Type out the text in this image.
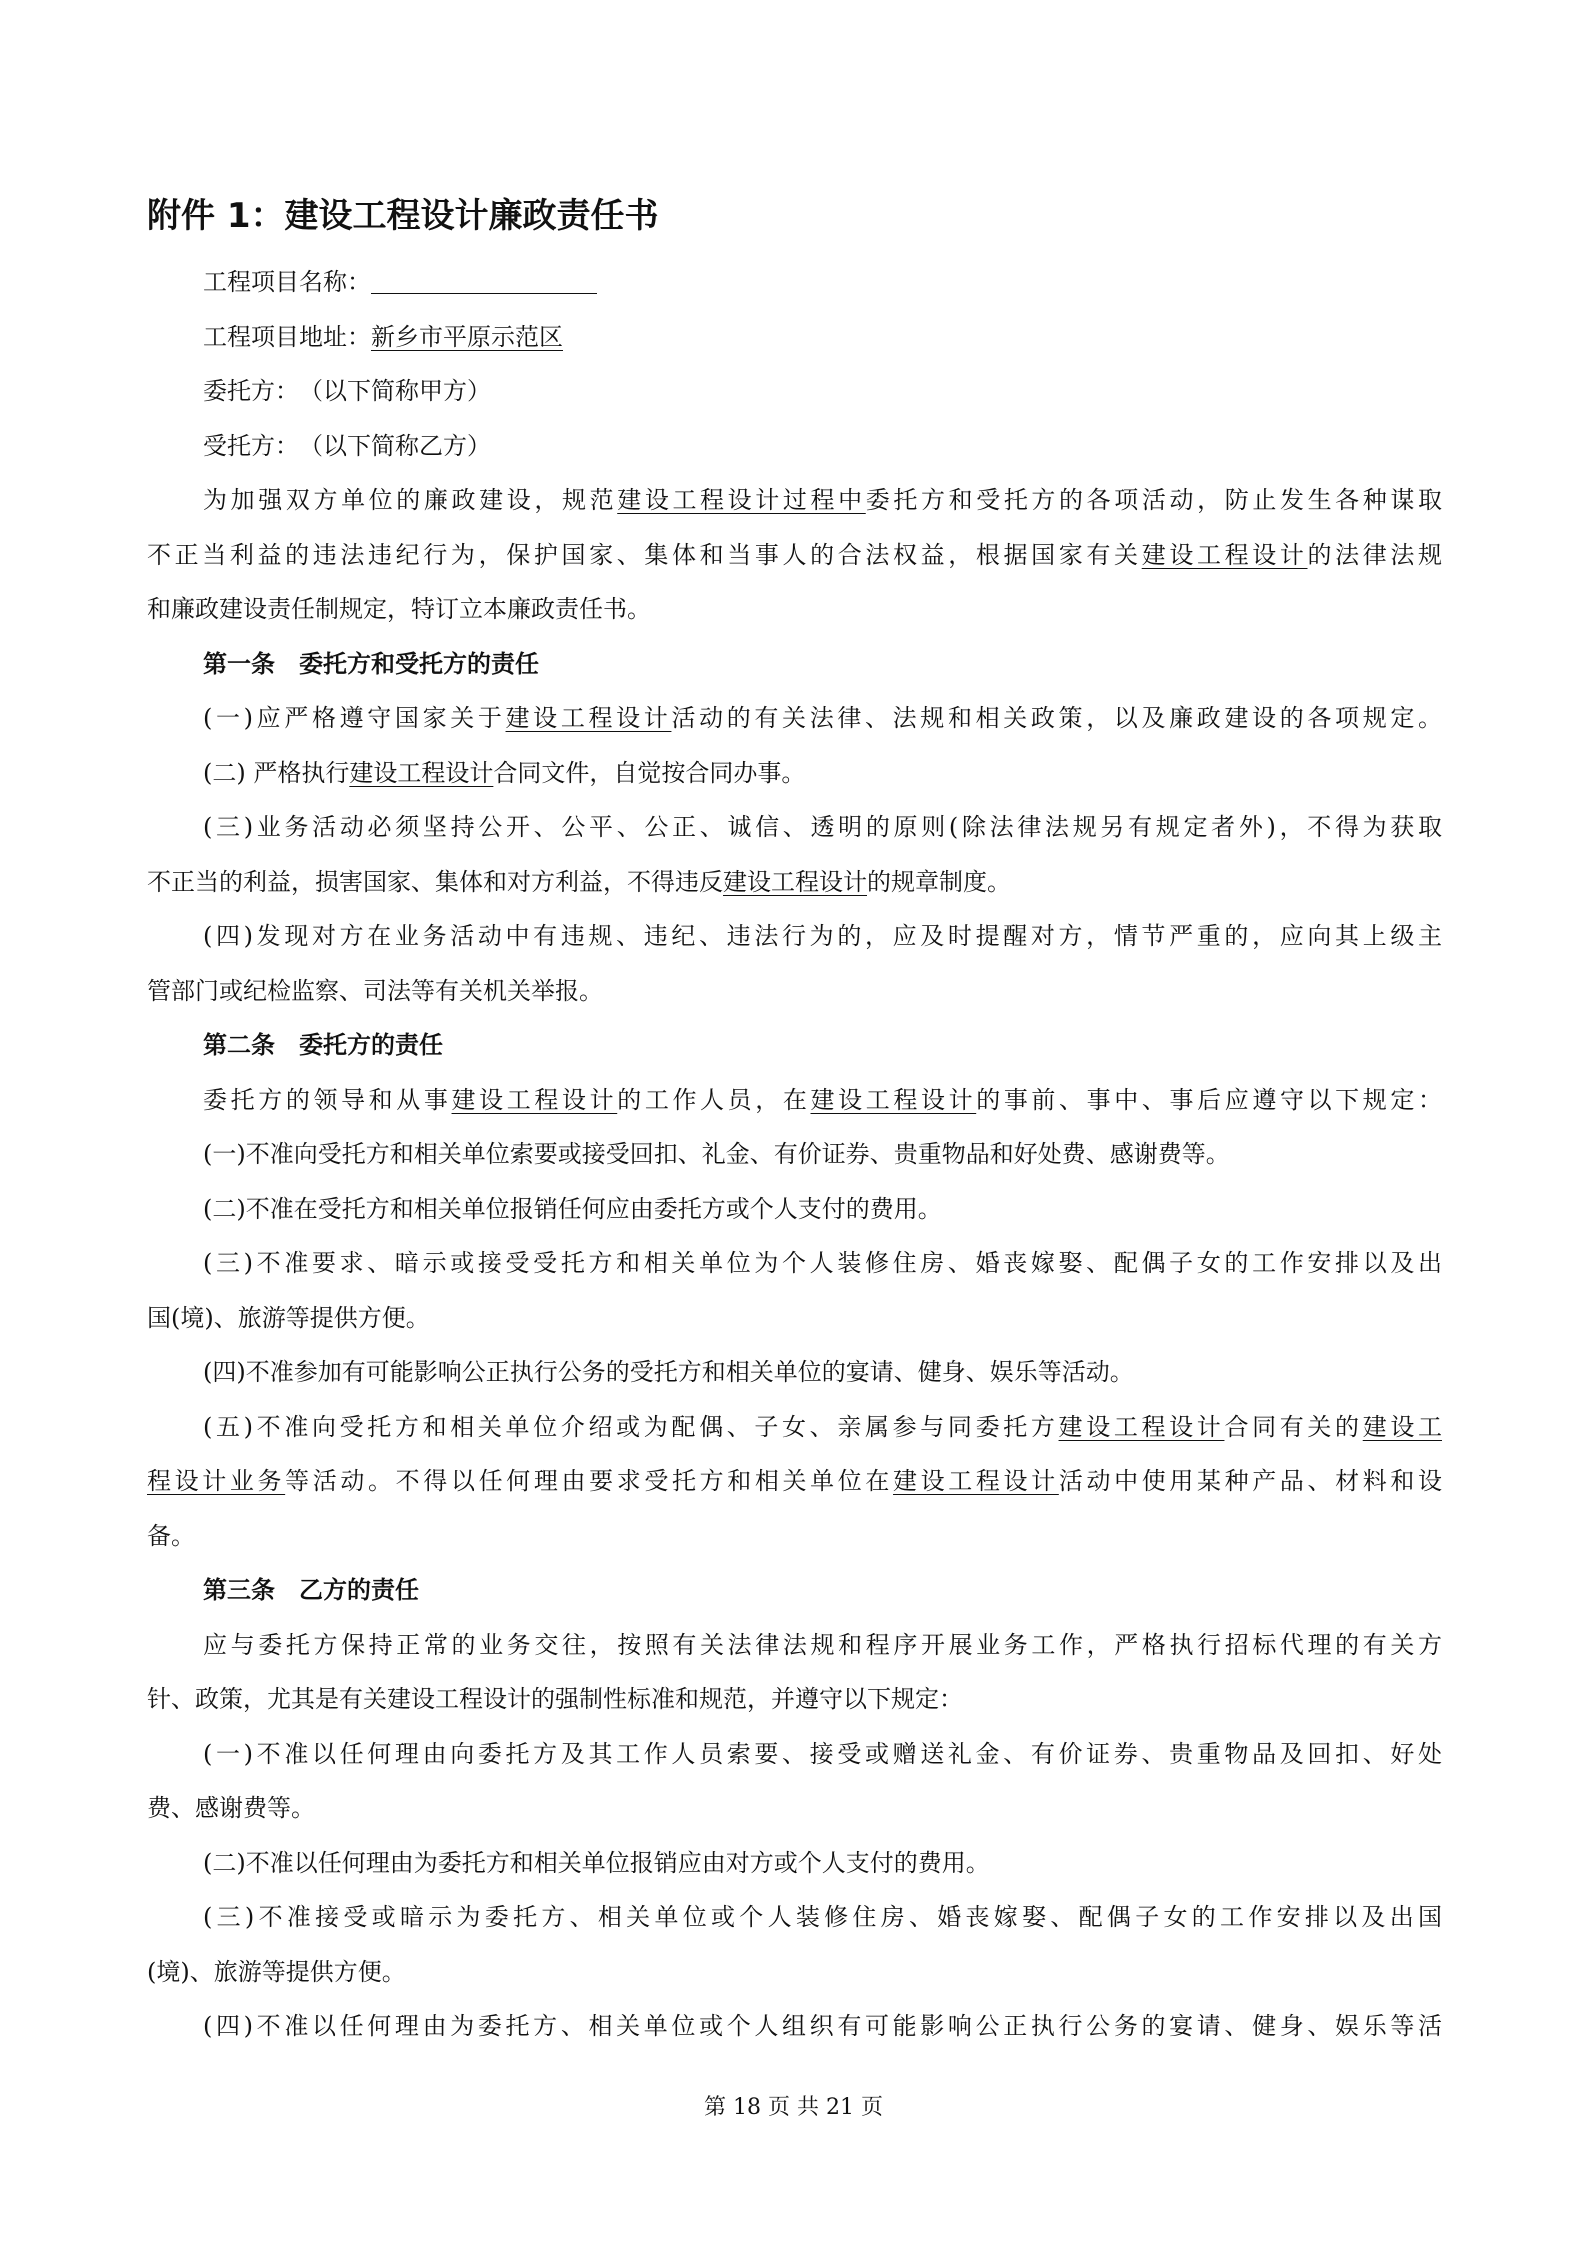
附件 1：建设工程设计廉政责任书

工程项目名称：

工程项目地址：新乡市平原示范区

委托方：　 （以下简称甲方）

受托方：　 （以下简称乙方）

为加强双方单位的廉政建设，规范建设工程设计过程中委托方和受托方的各项活动，防止发生各种谋取

不正当利益的违法违纪行为，保护国家、集体和当事人的合法权益，根据国家有关建设工程设计的法律法规

和廉政建设责任制规定，特订立本廉政责任书。

第一条　委托方和受托方的责任

(一)应严格遵守国家关于建设工程设计活动的有关法律、法规和相关政策，以及廉政建设的各项规定。

(二) 严格执行建设工程设计合同文件，自觉按合同办事。

(三)业务活动必须坚持公开、公平、公正、诚信、透明的原则(除法律法规另有规定者外)，不得为获取

不正当的利益，损害国家、集体和对方利益，不得违反建设工程设计的规章制度。

(四)发现对方在业务活动中有违规、违纪、违法行为的，应及时提醒对方，情节严重的，应向其上级主

管部门或纪检监察、司法等有关机关举报。

第二条　委托方的责任

委托方的领导和从事建设工程设计的工作人员，在建设工程设计的事前、事中、事后应遵守以下规定：

(一)不准向受托方和相关单位索要或接受回扣、礼金、有价证券、贵重物品和好处费、感谢费等。

(二)不准在受托方和相关单位报销任何应由委托方或个人支付的费用。

(三)不准要求、暗示或接受受托方和相关单位为个人装修住房、婚丧嫁娶、配偶子女的工作安排以及出

国(境)、旅游等提供方便。

(四)不准参加有可能影响公正执行公务的受托方和相关单位的宴请、健身、娱乐等活动。

(五)不准向受托方和相关单位介绍或为配偶、子女、亲属参与同委托方建设工程设计合同有关的建设工

程设计业务等活动。不得以任何理由要求受托方和相关单位在建设工程设计活动中使用某种产品、材料和设

备。

第三条　乙方的责任

应与委托方保持正常的业务交往，按照有关法律法规和程序开展业务工作，严格执行招标代理的有关方

针、政策，尤其是有关建设工程设计的强制性标准和规范，并遵守以下规定：

(一)不准以任何理由向委托方及其工作人员索要、接受或赠送礼金、有价证券、贵重物品及回扣、好处

费、感谢费等。

(二)不准以任何理由为委托方和相关单位报销应由对方或个人支付的费用。

(三)不准接受或暗示为委托方、相关单位或个人装修住房、婚丧嫁娶、配偶子女的工作安排以及出国

(境)、旅游等提供方便。

(四)不准以任何理由为委托方、相关单位或个人组织有可能影响公正执行公务的宴请、健身、娱乐等活

第 18 页 共 21 页
